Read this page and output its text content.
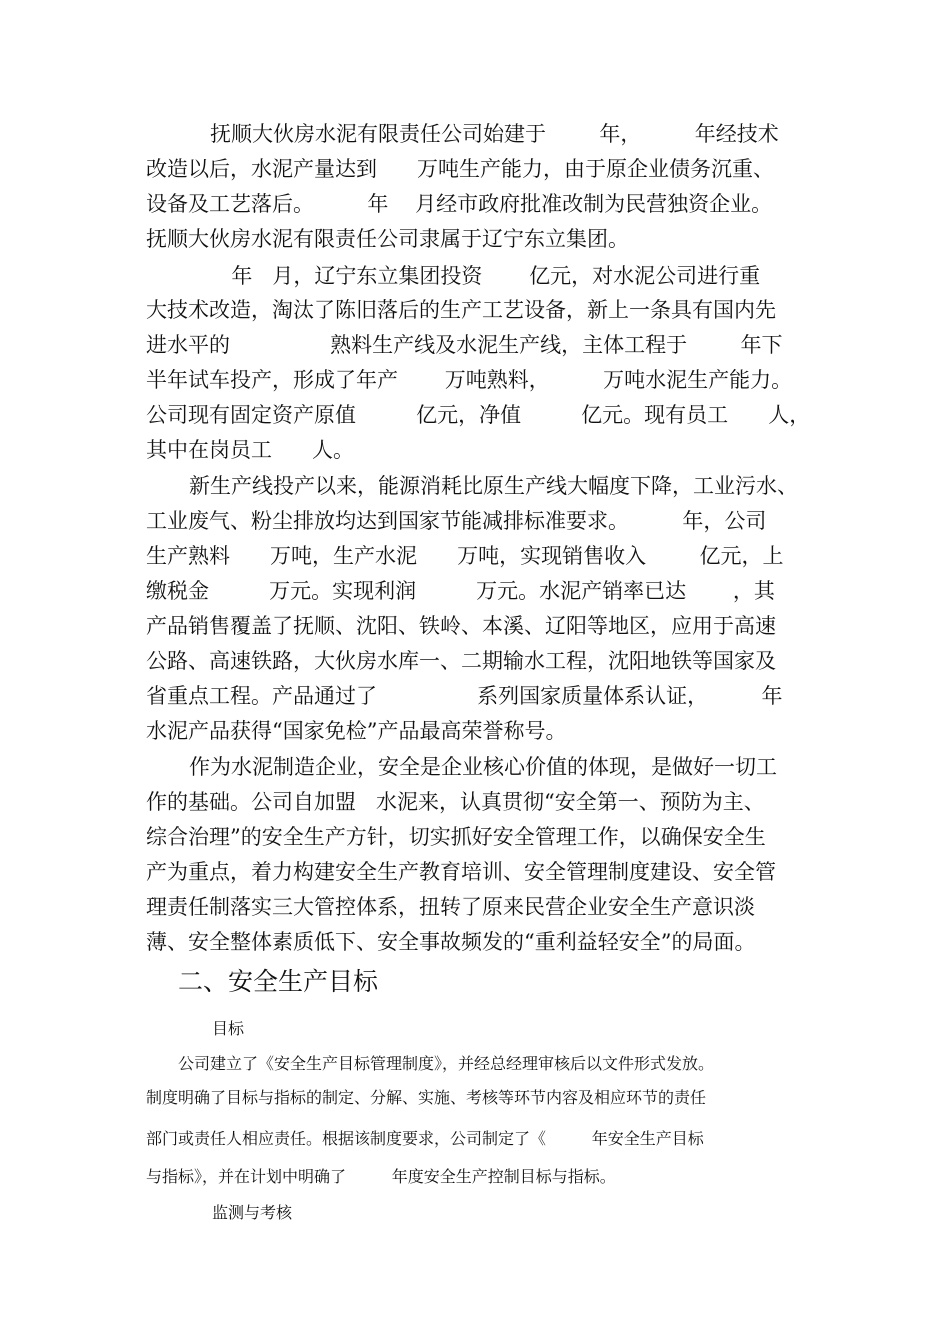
抚顺大伙房水泥有限责任公司始建于        年，        年经技术
改造以后，水泥产量达到      万吨生产能力，由于原企业债务沉重、
设备及工艺落后。        年    月经市政府批准改制为民营独资企业。
抚顺大伙房水泥有限责任公司隶属于辽宁东立集团。
年   月，辽宁东立集团投资       亿元，对水泥公司进行重
大技术改造，淘汰了陈旧落后的生产工艺设备，新上一条具有国内先
进水平的               熟料生产线及水泥生产线，主体工程于        年下
半年试车投产，形成了年产       万吨熟料，        万吨水泥生产能力。
公司现有固定资产原值         亿元，净值         亿元。现有员工      人，
其中在岗员工      人。
新生产线投产以来，能源消耗比原生产线大幅度下降，工业污水、
工业废气、粉尘排放均达到国家节能减排标准要求。        年，公司
生产熟料      万吨，生产水泥      万吨，实现销售收入        亿元，上
缴税金         万元。实现利润         万元。水泥产销率已达       ，其
产品销售覆盖了抚顺、沈阳、铁岭、本溪、辽阳等地区，应用于高速
公路、高速铁路，大伙房水库一、二期输水工程，沈阳地铁等国家及
省重点工程。产品通过了               系列国家质量体系认证，        年
水泥产品获得“国家免检”产品最高荣誉称号。
作为水泥制造企业，安全是企业核心价值的体现，是做好一切工
作的基础。公司自加盟   水泥来，认真贯彻“安全第一、预防为主、
综合治理”的安全生产方针，切实抓好安全管理工作，以确保安全生
产为重点，着力构建安全生产教育培训、安全管理制度建设、安全管
理责任制落实三大管控体系，扭转了原来民营企业安全生产意识淡
薄、安全整体素质低下、安全事故频发的“重利益轻安全”的局面。
二、安全生产目标
目标
公司建立了《安全生产目标管理制度》，并经总经理审核后以文件形式发放。
制度明确了目标与指标的制定、分解、实施、考核等环节内容及相应环节的责任
部门或责任人相应责任。根据该制度要求，公司制定了《         年安全生产目标
与指标》，并在计划中明确了         年度安全生产控制目标与指标。
监测与考核
